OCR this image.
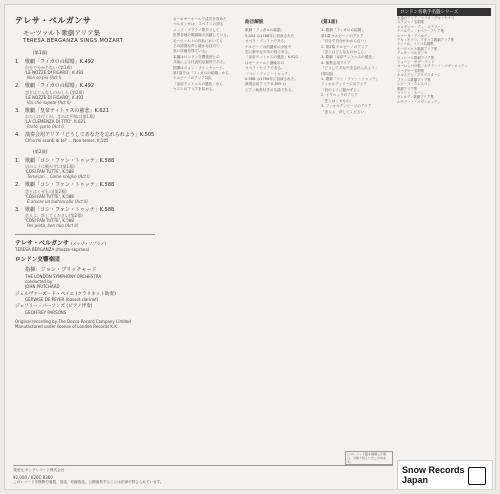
テレサ・ベルガンサ

モーツァルト歌劇アリア集

TERESA BERGANZA SINGS MOZART

(第1面)
1. 歌劇「フィガロの結婚」K.492
自分で分からない (第1幕)
'LE NOZZE DI FIGARO', K.492
Non so più (Act I)
2. 歌劇「フィガロの結婚」K.492
恋とはどんなものかしら (第2幕)
'LE NOZZE DI FIGARO', K.492
Voi che sapete (Act II)
3. 歌劇「皇帝ティトゥスの慈悲」K.621
わたしは行くが、きみは平和に(第1幕)
'LA CLEMENZA DI TITO', K.621
Parto, parto (Act I)
4. 演奏会用アリア「どうしてあなたを忘れられよう」K.505
Ch'io mi scordi di te? ... Non temer, K.505
(第2面)
1. 歌劇「コシ・ファン・トゥッテ」K.588
岩のように動かずに(第1幕)
'COSI FAN TUTTE', K.588
Temerari... Come scoglio (Act I)
2. 歌劇「コシ・ファン・トゥッテ」K.588
恋とはくせもの(第2幕)
'COSI FAN TUTTE', K.588
È amore un ladroncello (Act II)
3. 歌劇「コシ・ファン・トゥッテ」K.588
恋人よ、許してください(第2幕)
'COSI FAN TUTTE', K.588
Per pietà, ben mio (Act II)
テレサ・ベルガンサ (メッゾ・ソプラノ)
TERESA BERGANZA (mezzo-soprano)
ロンドン交響楽団
指揮：ジョン・プリッチャード
THE LONDON SYMPHONY ORCHESTRA
conducted by
JOHN PRITCHARD
ジェルヴァーズ・ド・ペイエ (クラリネット助奏)
GERVASE DE PEYER (basset clarinet)
ジェフリー・パーソンズ (ピアノ伴奏)
GEOFFREY PARSONS
Original recording by The Decca Record Company Limited
Manufactured under license of London Records K.K.
カーネギーホールで成功を収めた
ベルガンサは、スペインの誇る
メッゾ・ソプラノ歌手として
世界各地の歌劇場で活躍している。
モーツァルトの作品においても
その清澄な声と確かな技巧で
高い評価を得ている。
本盤はロンドン交響楽団との
共演による代表的な録音である。
指揮はジョン・プリッチャード。
第1面では「フィガロの結婚」から
ケルビーノのアリア2曲、
「皇帝ティトゥスの慈悲」から
セストのアリアを収める。
曲目解説
歌劇「フィガロの結婚」
K.492 は1786年に初演された
オペラ・ブッファである。
ケルビーノは伯爵家の小姓で
恋に夢中な少年の役である。
「皇帝ティトゥスの慈悲」K.621
はモーツァルト最晩年の
オペラ・セリアである。
「コシ・ファン・トゥッテ」
K.588 は1790年に初演された。
演奏会用アリア K.505 は
ピアノ助奏付きの名曲である。
(第1面)
1. 歌劇「フィガロの結婚」
第1幕 ケルビーノのアリア
「自分で自分がわからない」
2. 第2幕 ケルビーノのアリア
「恋とはどんなものかしら」
3. 歌劇「皇帝ティトゥスの慈悲」
4. 演奏会用アリア
「どうしてあなたを忘れられよう」
(第2面)
1. 歌劇「コシ・ファン・トゥッテ」
フィオルディリージのアリア
「岩のように動かずに」
2. ドラベッラのアリア
「恋とはくせもの」
3. フィオルディリージのアリア
「恋人よ、許してください」
ロンドン名歌手名盤シリーズ
永遠のアリア／マリオ・デル・モナコ
ステファノ名唱集
ジュゼッペ・ディ・ステファノ
テバルディ・オペラ・アリア集
レナータ・テバルディ
デル・モナコ、イタリア歌劇アリア集
テノール、リリコ名唱集
モーツァルト歌劇アリア集
テレサ・ベルガンサ
ロッシーニ歌劇アリア集
ジョーン・サザーランド
ヨーロッパの歌／ルチアーノ・パヴァロッティ
ワーグナー名唱集
キルステン・フラグスタート
フランス歌劇アリア集
レジーヌ・クレスパン
歌劇アリア集
マリリン・ホーン
ヴェルディ歌劇アリア集
ルチアーノ・パヴァロッティ
このレコード盤を破損した場合、お取り替えいたしかねます。
発売元 キングレコード株式会社
¥2,000 / K20C 8360
このレコードを無断で複製、放送、有線放送、公開演奏することは法律で禁じられています。
Snow Records
Japan
